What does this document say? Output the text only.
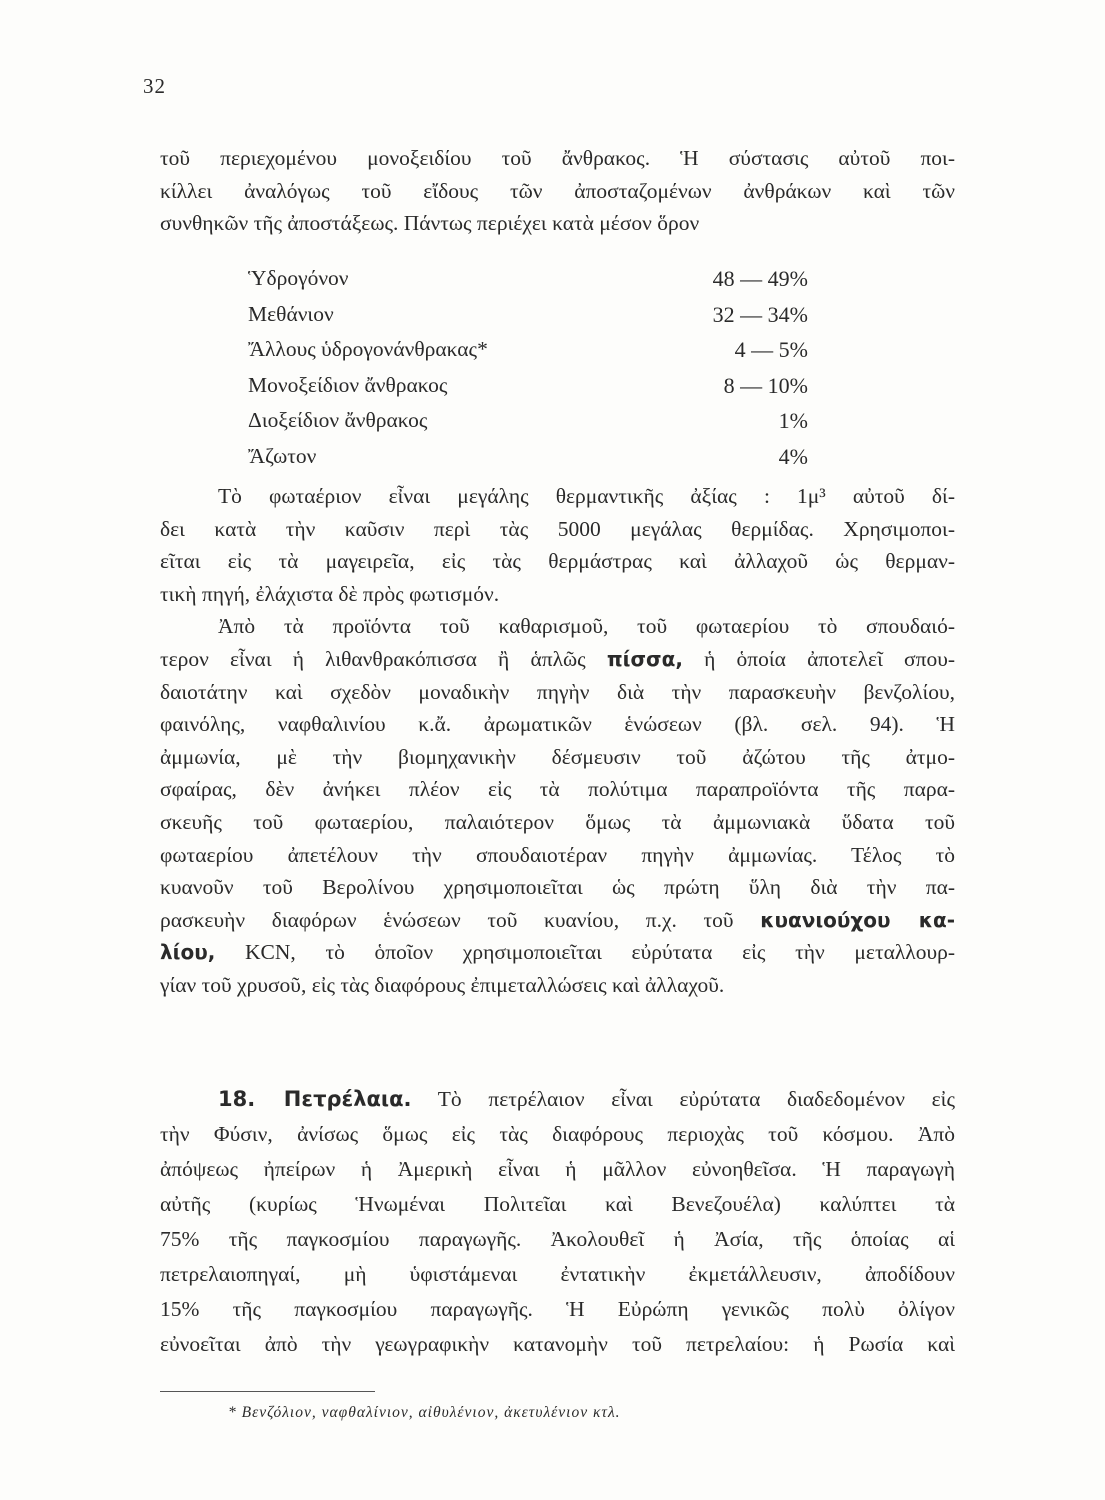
32
τοῦ περιεχομένου μονοξειδίου τοῦ ἄνθρακος. Ἡ σύστασις αὐτοῦ ποι-
κίλλει ἀναλόγως τοῦ εἴδους τῶν ἀποσταζομένων ἀνθράκων καὶ τῶν
συνθηκῶν τῆς ἀποστάξεως. Πάντως περιέχει κατὰ μέσον ὅρον
Ὑδρογόνον	48 — 49%
Μεθάνιον	32 — 34%
Ἄλλους ὑδρογονάνθρακας*	4 — 5%
Μονοξείδιον ἄνθρακος	8 — 10%
Διοξείδιον ἄνθρακος	1%
Ἄζωτον	4%
Τὸ φωταέριον εἶναι μεγάλης θερμαντικῆς ἀξίας : 1μ³ αὐτοῦ δί-
δει κατὰ τὴν καῦσιν περὶ τὰς 5000 μεγάλας θερμίδας. Χρησιμοποι-
εῖται εἰς τὰ μαγειρεῖα, εἰς τὰς θερμάστρας καὶ ἀλλαχοῦ ὡς θερμαν-
τικὴ πηγή, ἐλάχιστα δὲ πρὸς φωτισμόν.
Ἀπὸ τὰ προϊόντα τοῦ καθαρισμοῦ, τοῦ φωταερίου τὸ σπουδαιό-
τερον εἶναι ἡ λιθανθρακόπισσα ἢ ἁπλῶς πίσσα, ἡ ὁποία ἀποτελεῖ σπου-
δαιοτάτην καὶ σχεδὸν μοναδικὴν πηγὴν διὰ τὴν παρασκευὴν βενζολίου,
φαινόλης, ναφθαλινίου κ.ἄ. ἀρωματικῶν ἑνώσεων (βλ. σελ. 94). Ἡ
ἀμμωνία, μὲ τὴν βιομηχανικὴν δέσμευσιν τοῦ ἀζώτου τῆς ἀτμο-
σφαίρας, δὲν ἀνήκει πλέον εἰς τὰ πολύτιμα παραπροϊόντα τῆς παρα-
σκευῆς τοῦ φωταερίου, παλαιότερον ὅμως τὰ ἀμμωνιακὰ ὕδατα τοῦ
φωταερίου ἀπετέλουν τὴν σπουδαιοτέραν πηγὴν ἀμμωνίας. Τέλος τὸ
κυανοῦν τοῦ Βερολίνου χρησιμοποιεῖται ὡς πρώτη ὕλη διὰ τὴν πα-
ρασκευὴν διαφόρων ἑνώσεων τοῦ κυανίου, π.χ. τοῦ κυανιούχου κα-
λίου, KCN, τὸ ὁποῖον χρησιμοποιεῖται εὐρύτατα εἰς τὴν μεταλλουρ-
γίαν τοῦ χρυσοῦ, εἰς τὰς διαφόρους ἐπιμεταλλώσεις καὶ ἀλλαχοῦ.
18. Πετρέλαια. Τὸ πετρέλαιον εἶναι εὐρύτατα διαδεδομένον εἰς
τὴν Φύσιν, ἀνίσως ὅμως εἰς τὰς διαφόρους περιοχὰς τοῦ κόσμου. Ἀπὸ
ἀπόψεως ἠπείρων ἡ Ἀμερικὴ εἶναι ἡ μᾶλλον εὐνοηθεῖσα. Ἡ παραγωγὴ
αὐτῆς (κυρίως Ἡνωμέναι Πολιτεῖαι καὶ Βενεζουέλα) καλύπτει τὰ
75% τῆς παγκοσμίου παραγωγῆς. Ἀκολουθεῖ ἡ Ἀσία, τῆς ὁποίας αἱ
πετρελαιοπηγαί, μὴ ὑφιστάμεναι ἐντατικὴν ἐκμετάλλευσιν, ἀποδίδουν
15% τῆς παγκοσμίου παραγωγῆς. Ἡ Εὐρώπη γενικῶς πολὺ ὀλίγον
εὐνοεῖται ἀπὸ τὴν γεωγραφικὴν κατανομὴν τοῦ πετρελαίου: ἡ Ρωσία καὶ
* Βενζόλιον, ναφθαλίνιον, αἰθυλένιον, ἀκετυλένιον κτλ.
